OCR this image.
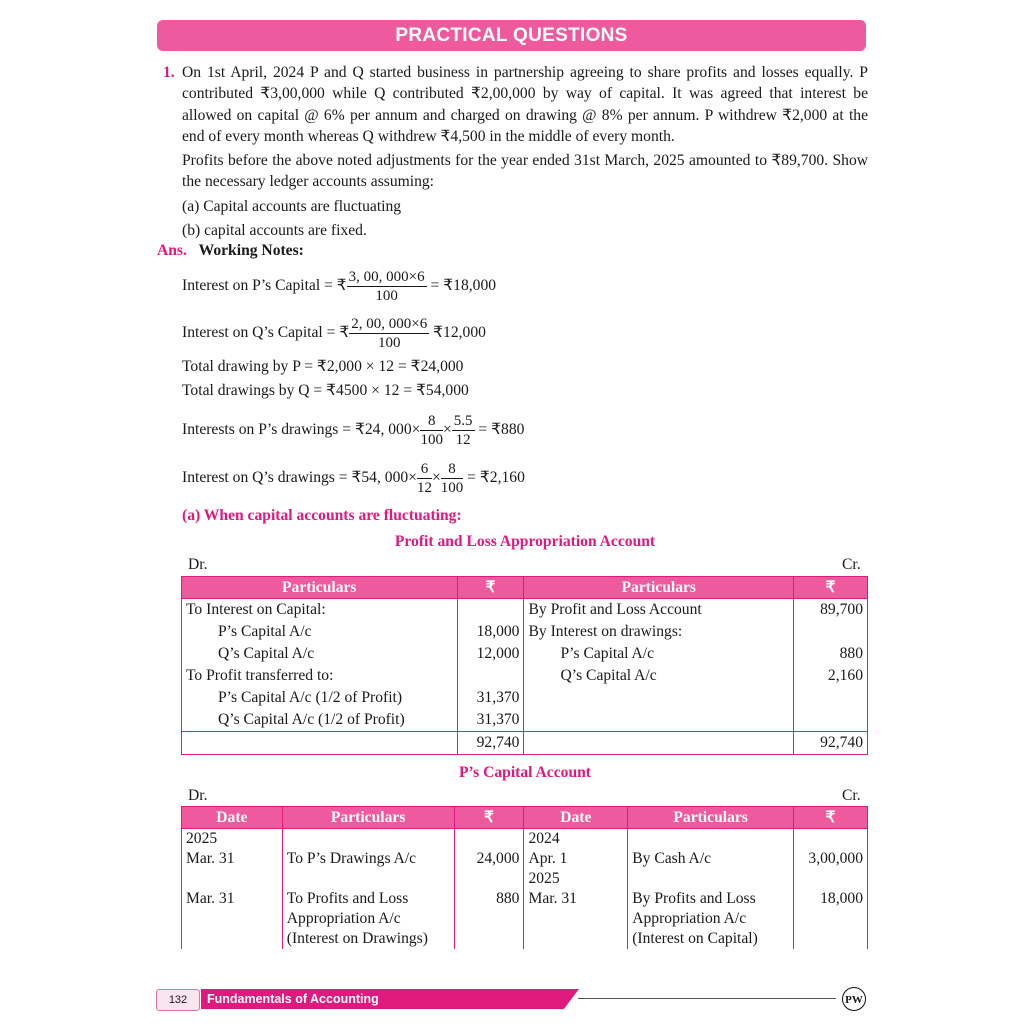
PRACTICAL QUESTIONS
1. On 1st April, 2024 P and Q started business in partnership agreeing to share profits and losses equally. P contributed ₹3,00,000 while Q contributed ₹2,00,000 by way of capital. It was agreed that interest be allowed on capital @ 6% per annum and charged on drawing @ 8% per annum. P withdrew ₹2,000 at the end of every month whereas Q withdrew ₹4,500 in the middle of every month.

Profits before the above noted adjustments for the year ended 31st March, 2025 amounted to ₹89,700. Show the necessary ledger accounts assuming:

(a) Capital accounts are fluctuating

(b) capital accounts are fixed.

Ans. Working Notes:
Interest on P’s Capital = ₹ $\frac{3, 00, 000\times 6}{100}$ = ₹18,000
Interest on Q’s Capital = ₹ $\frac{2, 00, 000\times 6}{100}$ ₹12,000
Total drawing by P = ₹2,000 × 12 = ₹24,000
Total drawings by Q = ₹4500 × 12 = ₹54,000
Interests on P’s drawings = ₹24, $000\times \frac{8}{100} \times \frac{5.5}{12}$ = ₹880
Interest on Q’s drawings = ₹54, $000\times \frac{6}{12} \times \frac{8}{100}$ = ₹2,160
(a) When capital accounts are fluctuating:
Profit and Loss Appropriation Account
Dr.	Cr.
Particulars	₹	Particulars	₹
To Interest on Capital:		By Profit and Loss Account	89,700
P’s Capital A/c	18,000	By Interest on drawings:	
Q’s Capital A/c	12,000	P’s Capital A/c	880
To Profit transferred to:		Q’s Capital A/c	2,160
P’s Capital A/c (1/2 of Profit)	31,370		
Q’s Capital A/c (1/2 of Profit)	31,370		
	92,740		92,740
P’s Capital Account
Dr.	Cr.
Date	Particulars	₹	Date	Particulars	₹
2025			2024		
Mar. 31	To P’s Drawings A/c	24,000	Apr. 1	By Cash A/c	3,00,000
			2025		
Mar. 31	To Profits and Loss	880	Mar. 31	By Profits and Loss	18,000
	Appropriation A/c			Appropriation A/c	
	(Interest on Drawings)			(Interest on Capital)	
132	Fundamentals of Accounting	PW
